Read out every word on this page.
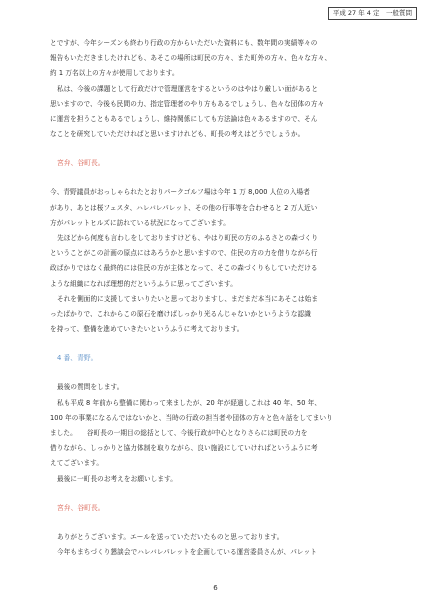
平成 27 年 4 定　一般質問

とですが、今年シーズンも終わり行政の方からいただいた資料にも、数年間の実績等々の

報告もいただきましたけれども、あそこの場所は町民の方々、また町外の方々、色々な方々、

約 1 万名以上の方々が使用しております。

私は、今後の課題として行政だけで管理運営をするというのはやはり厳しい面があると

思いますので、今後も民間の力、指定管理者のやり方もあるでしょうし、色々な団体の方々

に運営を担うこともあるでしょうし、維持関係にしても方法論は色々あるますので、そん

なことを研究していただければと思いますけれども、町長の考えはどうでしょうか。

宮弁、谷町長。

今、青野議員がおっしゃられたとおりパークゴルフ場は今年 1 万 8,000 人位の入場者

があり、あとは桜フェスタ、ハレバレパレット、その他の行事等を合わせると 2 万人近い

方がパレットヒルズに訪れている状況になってございます。

先ほどから何度も言わしをしておりますけども、やはり町民の方のふるさとの森づくり

ということがこの計画の原点にはあろうかと思いますので、住民の方の力を借りながら行

政ばかりではなく最終的には住民の方が主体となって、そこの森づくりもしていただける

ような組織になれば理想的だというふうに思ってございます。

それを側面的に支援してまいりたいと思っておりますし、まだまだ本当にあそこは始ま

ったばかりで、これからこの原石を磨けばしっかり光るんじゃないかというような認識

を持って、整備を進めていきたいというふうに考えております。

4 番、青野。

最後の質問をします。

私も平成 8 年前から整備に関わって来ましたが、20 年が経過しこれは 40 年、50 年、

100 年の事業になるんではないかと、当時の行政の担当者や団体の方々と色々話をしてまいり

ました。　　谷町長の一期目の総括として、今後行政が中心となりさらには町民の力を

借りながら、しっかりと協力体制を取りながら、良い施設にしていければというふうに考

えてございます。

最後に一町長のお考えをお願いします。

宮弁、谷町長。

ありがとうございます。エールを送っていただいたものと思っております。

今年もまちづくり懇談会でハレバレパレットを企画している運営委員さんが、パレット

6
